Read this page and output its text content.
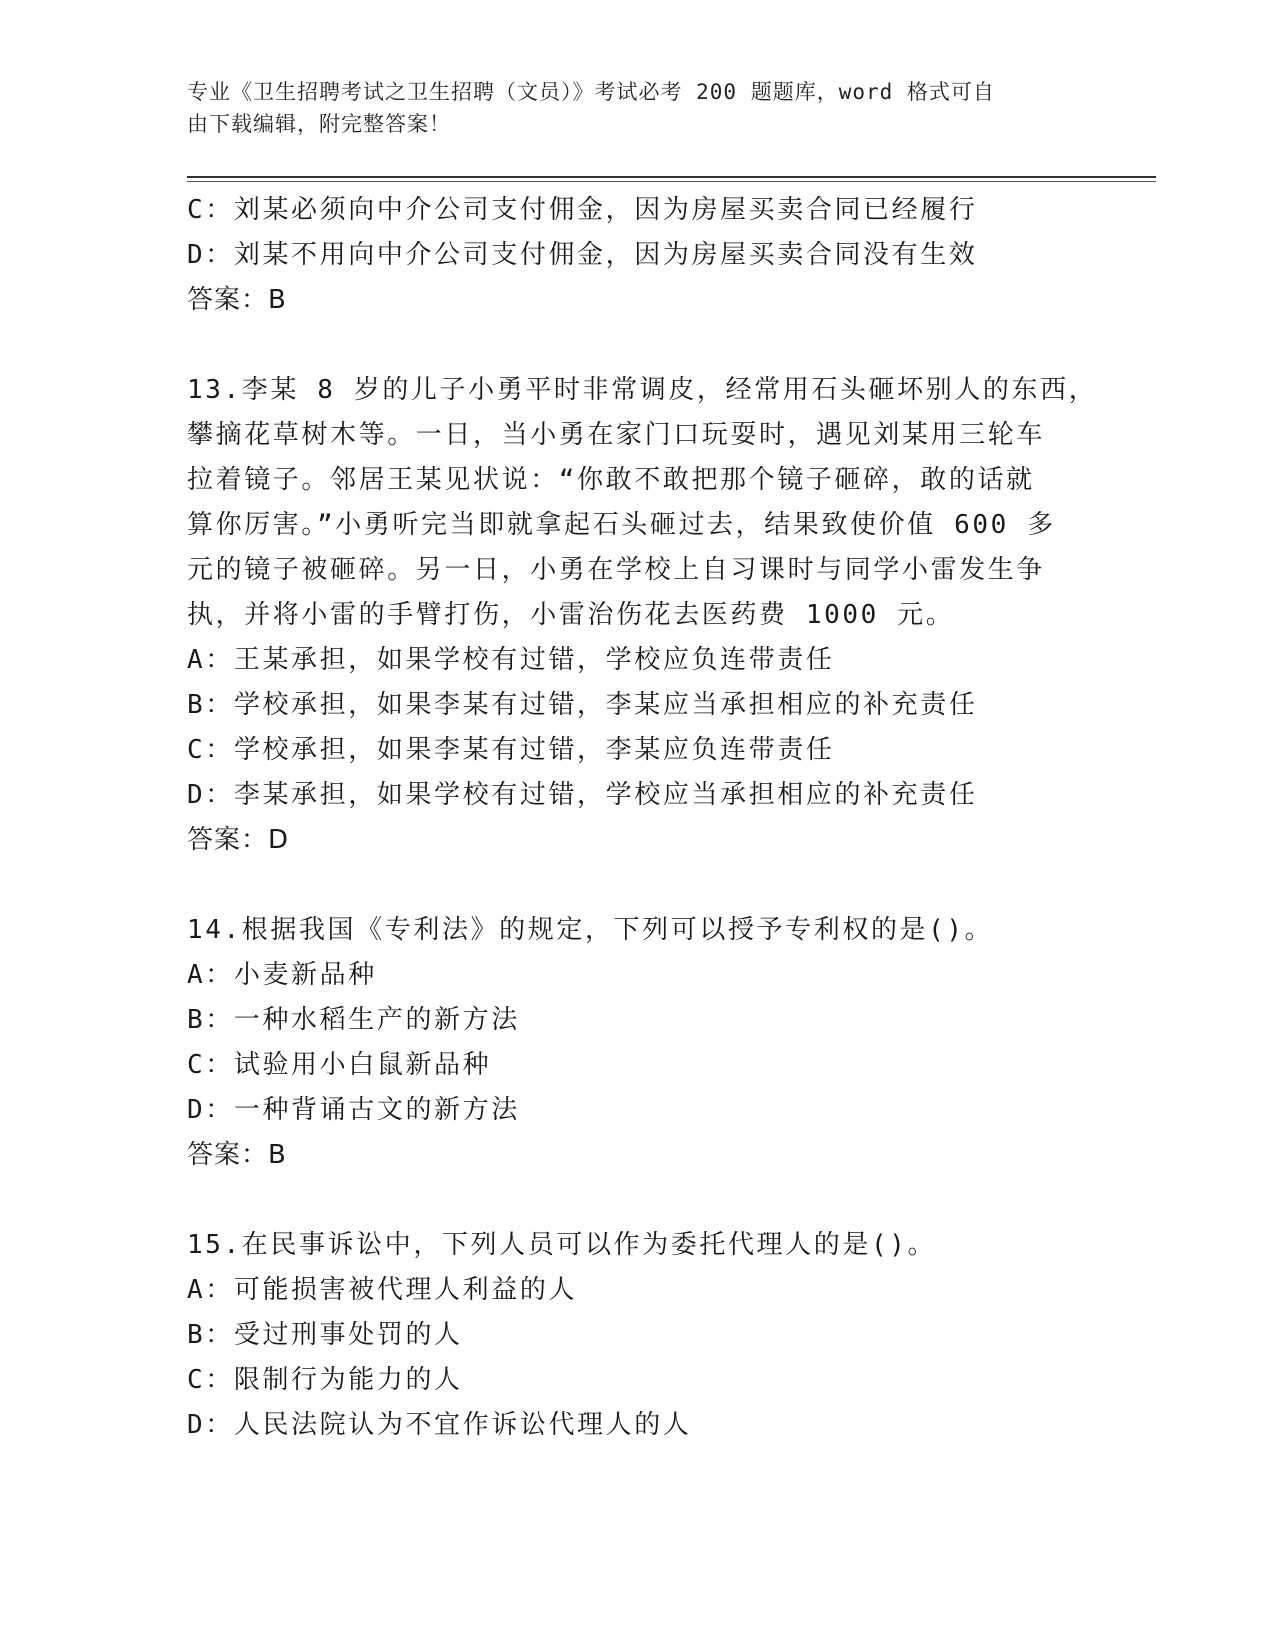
专业《卫生招聘考试之卫生招聘（文员）》考试必考 200 题题库，word 格式可自
由下载编辑，附完整答案！
C：刘某必须向中介公司支付佣金，因为房屋买卖合同已经履行
D：刘某不用向中介公司支付佣金，因为房屋买卖合同没有生效
答案：B
13.李某 8 岁的儿子小勇平时非常调皮，经常用石头砸坏别人的东西，
攀摘花草树木等。一日，当小勇在家门口玩耍时，遇见刘某用三轮车
拉着镜子。邻居王某见状说：“你敢不敢把那个镜子砸碎，敢的话就
算你厉害。”小勇听完当即就拿起石头砸过去，结果致使价值 600 多
元的镜子被砸碎。另一日，小勇在学校上自习课时与同学小雷发生争
执，并将小雷的手臂打伤，小雷治伤花去医药费 1000 元。
A：王某承担，如果学校有过错，学校应负连带责任
B：学校承担，如果李某有过错，李某应当承担相应的补充责任
C：学校承担，如果李某有过错，李某应负连带责任
D：李某承担，如果学校有过错，学校应当承担相应的补充责任
答案：D
14.根据我国《专利法》的规定，下列可以授予专利权的是()。
A：小麦新品种
B：一种水稻生产的新方法
C：试验用小白鼠新品种
D：一种背诵古文的新方法
答案：B
15.在民事诉讼中，下列人员可以作为委托代理人的是()。
A：可能损害被代理人利益的人
B：受过刑事处罚的人
C：限制行为能力的人
D：人民法院认为不宜作诉讼代理人的人
